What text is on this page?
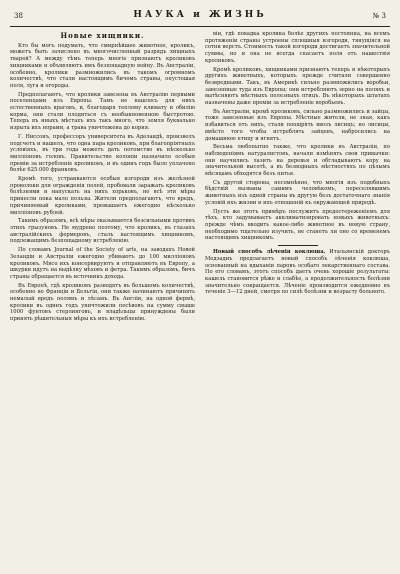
38	НАУКА и ЖИЗНЬ	№ 3
Новые хищники.

Кто бы могъ подумать, что смирнѣйшее животное, кроликъ, можетъ быть зачислено въ многочисленный разрядъ хищныхъ тварей? А между тѣмъ теперь многіе признаютъ кроликовъ хищниками и объявляютъ имъ безпощадную войну. Въ Австраліи, особенно, кролики размножились въ такомъ огромномъ количествѣ, что стали настоящимъ бичомъ страны, опустошая поля, луга и огороды.

Предполагаютъ, что кролики завезены въ Австралію первыми поселенцами изъ Европы. Тамъ не нашлось для нихъ естественныхъ враговъ, и, благодаря теплому климату и обилію корма, они стали плодиться съ необыкновенною быстротою. Теперь въ иныхъ мѣстахъ ихъ такъ много, что земля буквально изрыта ихъ норами, а трава уничтожена до корня.

Г. Ниссонъ, профессоръ университета въ Аделаидѣ, произвелъ подсчетъ и нашелъ, что одна пара кроликовъ, при благопріятныхъ условіяхъ, въ три года можетъ дать потомство въ нѣсколько милліоновъ головъ. Правительство колоніи назначило особыя преміи за истребленіе кроликовъ, и въ одинъ годъ было уплачено болѣе 625.000 франковъ.

Кромѣ того, устраиваются особыя изгороди изъ желѣзной проволоки для огражденія полей, пробовали заражать кроликовъ болѣзнями и напускать на нихъ хорьковъ, но всѣ эти мѣры принесли пока мало пользы. Жители предполагаютъ, что вредъ, причиняемый кроликами, превышаетъ ежегодно нѣсколько милліоновъ рублей.

Такимъ образомъ, всѣ мѣры оказываются безсильными противъ этихъ грызуновъ. Не мудрено поэтому, что кроликъ, въ глазахъ австралійскихъ фермеровъ, сталъ настоящимъ хищникомъ, подлежащимъ безпощадному истребленію.

По словамъ Journal of the Society of arts, на заводахъ Новой Зеландіи и Австраліи ежегодно убиваютъ до 100 милліоновъ кроликовъ. Мясо ихъ консервируютъ и отправляютъ въ Европу, а шкурки идутъ на выдѣлку мѣховъ и фетра. Такимъ образомъ, бичъ страны обращается въ источникъ дохода.

Въ Европѣ, гдѣ кроликовъ разводятъ въ большомъ количествѣ, особенно во Франціи и Бельгіи, они также начинаютъ причинять немалый вредъ полямъ и лѣсамъ. Въ Англіи, на одной фермѣ, кролики въ одинъ годъ уничтожили посѣвовъ на сумму свыше 1000 фунтовъ стерлинговъ, и владѣльцы принуждены были принять рѣшительныя мѣры къ ихъ истребленію.

віи, гдѣ повадка кролика болѣе другихъ постоянна, на всемъ протяженіи страны устроены сплошныя изгороди, тянущіяся на сотни верстъ. Стоимость такой изгороди достигаетъ значительной суммы, но и она не всегда спасаетъ поля отъ нашествія кроликовъ.

Кромѣ кроликовъ, хищниками признаютъ теперь и нѣкоторыхъ другихъ животныхъ, которыхъ прежде считали совершенно безвредными. Такъ, въ Америкѣ сильно размножились воробьи, завезенные туда изъ Европы; они истребляютъ зерно на поляхъ и вытѣсняютъ мѣстныхъ полезныхъ птицъ. Въ нѣкоторыхъ штатахъ назначены даже преміи за истребленіе воробьевъ.

Въ Австраліи, кромѣ кроликовъ, сильно размножились и зайцы, тоже завезенные изъ Европы. Мѣстные жители, не зная, какъ избавиться отъ нихъ, стали поощрять ввозъ лисицъ; но лисицы, вмѣсто того чтобы истреблять зайцевъ, набросились на домашнюю птицу и ягнятъ.

Весьма любопытно также, что кролики въ Австраліи, по наблюденіямъ натуралистовъ, начали измѣнять свои привычки: они научились лазить на деревья и обгладываютъ кору на значительной высотѣ, а въ безводныхъ мѣстностяхъ по цѣлымъ мѣсяцамъ обходятся безъ питья.

Съ другой стороны, несомнѣнно, что многія изъ подобныхъ бѣдствій вызваны самимъ человѣкомъ, переселявшимъ животныхъ изъ одной страны въ другую безъ достаточнаго знанія условій ихъ жизни и ихъ отношеній къ окружающей природѣ.

Пусть же этотъ примѣръ послужитъ предостереженіемъ для тѣхъ, кто задумываетъ акклиматизировать новыхъ животныхъ: прежде чѣмъ вводить какое-либо животное въ новую страну, необходимо тщательно изучить, не станетъ ли оно со временемъ настоящимъ хищникомъ.

Новый способъ лѣченія коклюша. Итальянскій докторъ Медзадиъ предлагаетъ новый способъ лѣченія коклюша, основанный на вдыханіи паровъ особаго лекарственнаго состава. По его словамъ, этотъ способъ даетъ очень хорошіе результаты: кашель становится рѣже и слабѣе, а продолжительность болѣзни значительно сокращается. Лѣченіе производится ежедневно въ теченіе 3—12 дней, смотря по силѣ болѣзни и возрасту больного.
